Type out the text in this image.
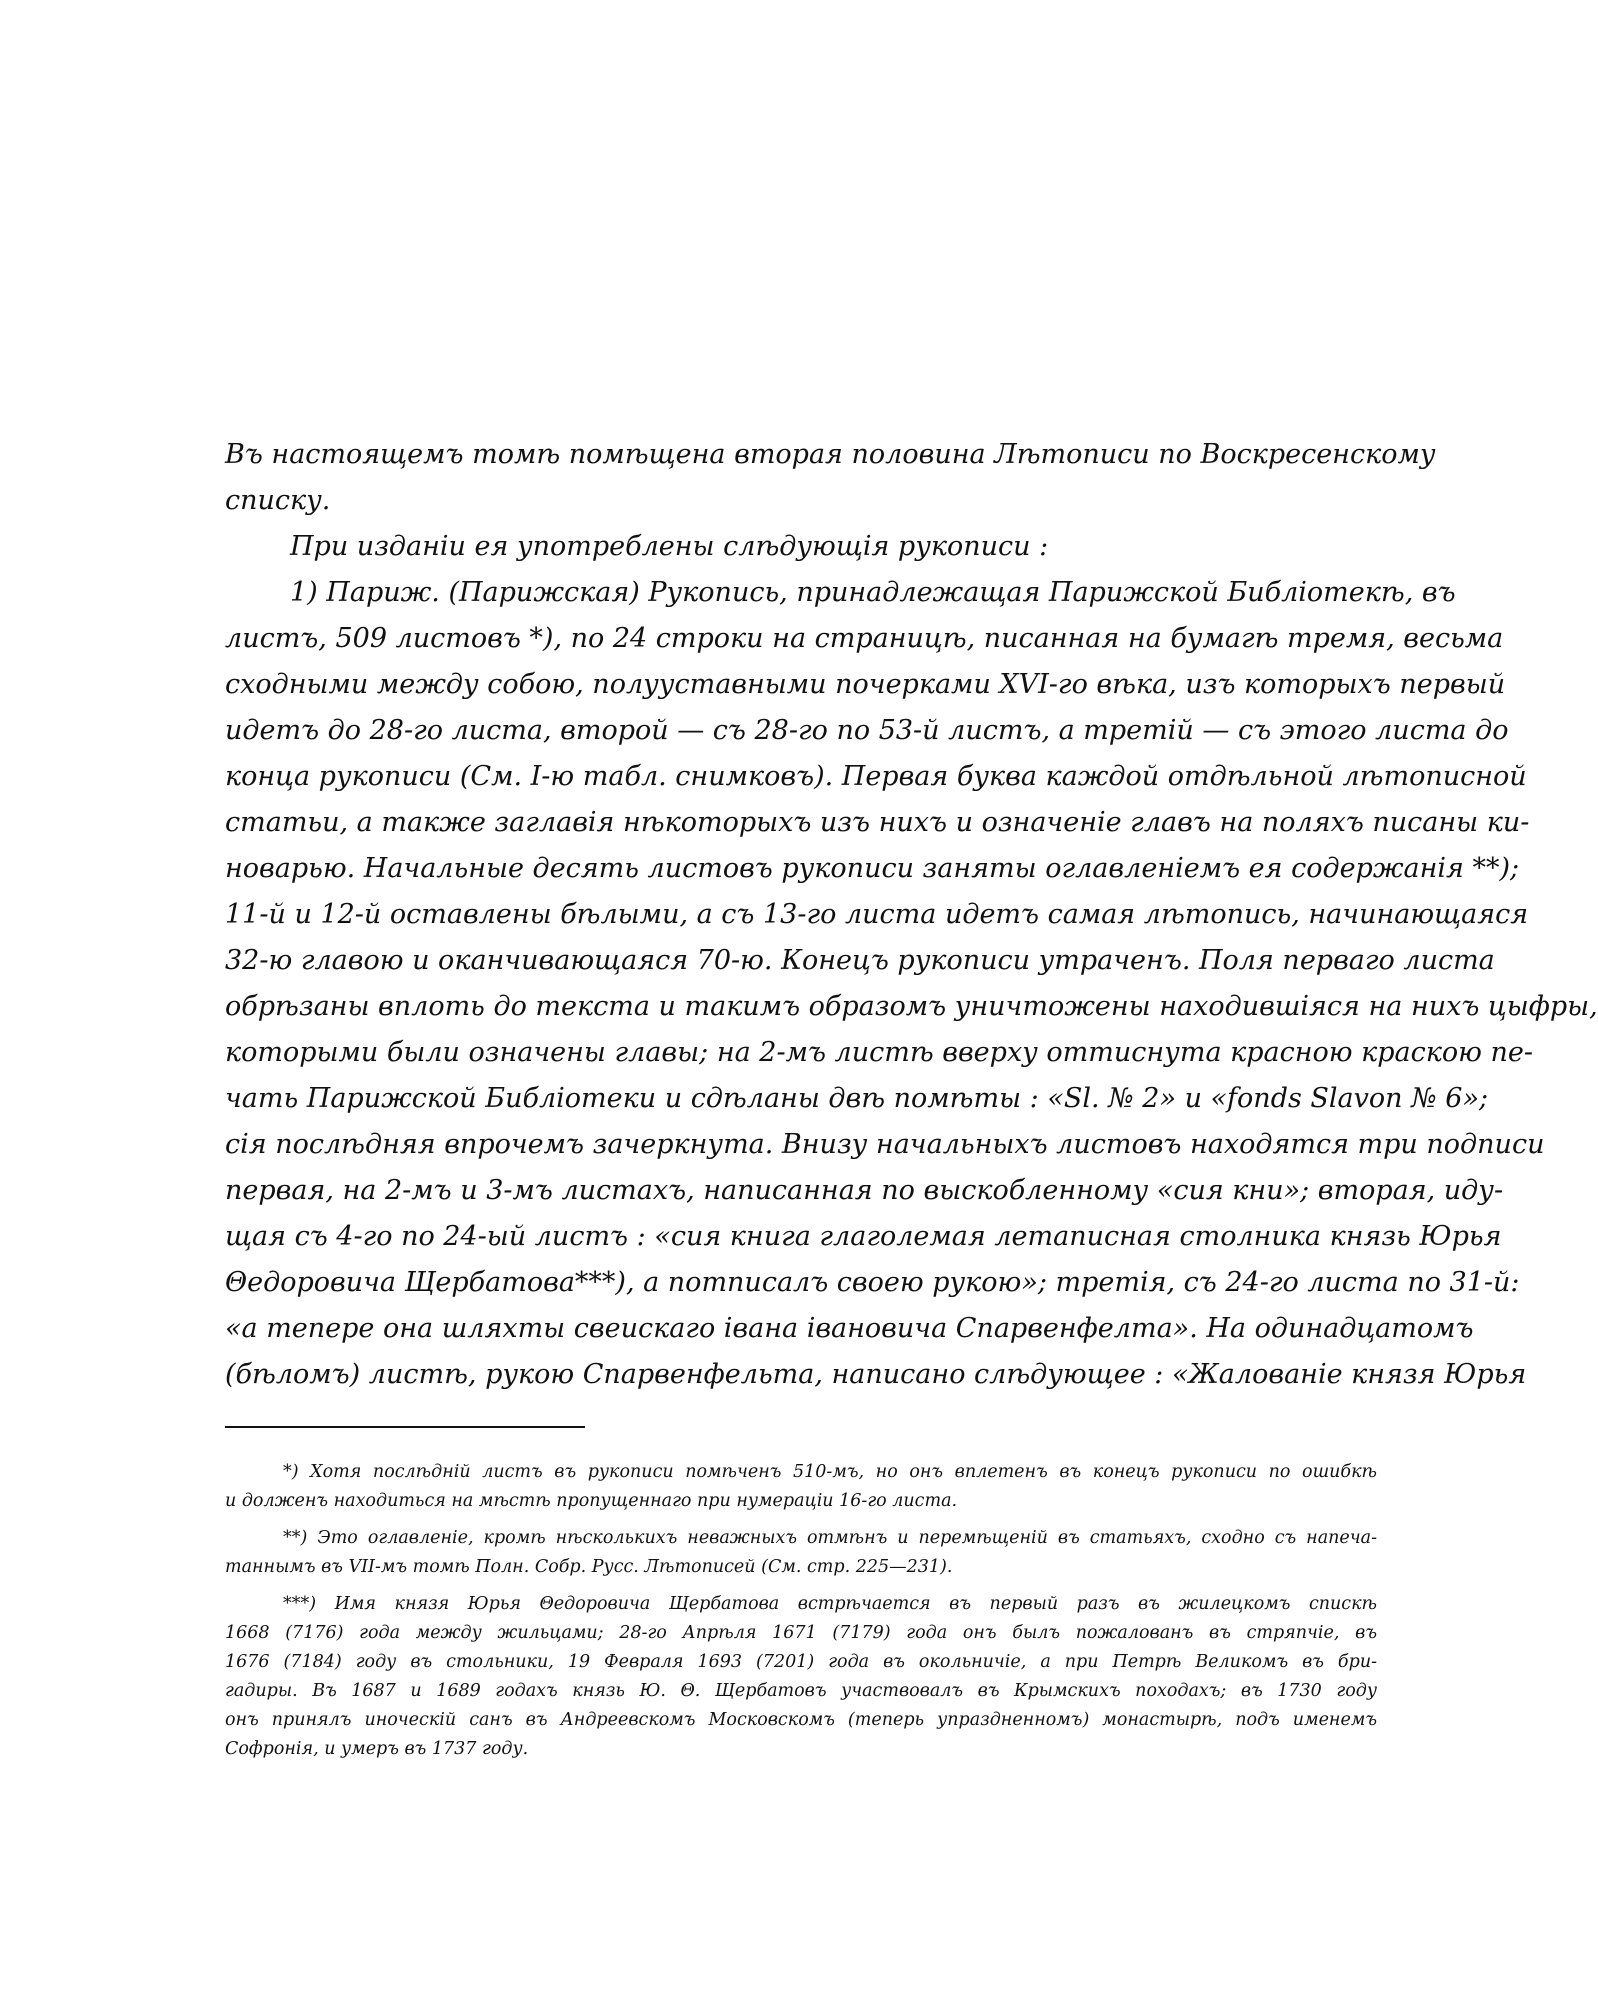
Въ настоящемъ томѣ помѣщена вторая половина Лѣтописи по Воскресенскому
списку.
При изданіи ея употреблены слѣдующія рукописи :
1) Париж. (Парижская) Рукопись, принадлежащая Парижской Библіотекѣ, въ
листъ, 509 листовъ *), по 24 строки на страницѣ, писанная на бумагѣ тремя, весьма
сходными между собою, полууставными почерками XVI-го вѣка, изъ которыхъ первый
идетъ до 28-го листа, второй — съ 28-го по 53-й листъ, а третій — съ этого листа до
конца рукописи (См. I-ю табл. снимковъ). Первая буква каждой отдѣльной лѣтописной
статьи, а также заглавія нѣкоторыхъ изъ нихъ и означеніе главъ на поляхъ писаны ки-
новарью. Начальные десять листовъ рукописи заняты оглавленіемъ ея содержанія **);
11-й и 12-й оставлены бѣлыми, а съ 13-го листа идетъ самая лѣтопись, начинающаяся
32-ю главою и оканчивающаяся 70-ю. Конецъ рукописи утраченъ. Поля перваго листа
обрѣзаны вплоть до текста и такимъ образомъ уничтожены находившіяся на нихъ цыфры,
которыми были означены главы; на 2-мъ листѣ вверху оттиснута красною краскою пе-
чать Парижской Библіотеки и сдѣланы двѣ помѣты : «Sl. № 2» и «fonds Slavon № 6»;
сія послѣдняя впрочемъ зачеркнута. Внизу начальныхъ листовъ находятся три подписи
первая, на 2-мъ и 3-мъ листахъ, написанная по выскобленному «сия кни»; вторая, иду-
щая съ 4-го по 24-ый листъ : «сия книга глаголемая летаписная столника князь Юрья
Θедоровича Щербатова***), а потписалъ своею рукою»; третія, съ 24-го листа по 31-й:
«а тепере она шляхты свеискаго івана івановича Спарвенфелта». На одинадцатомъ
(бѣломъ) листѣ, рукою Спарвенфельта, написано слѣдующее : «Жалованіе князя Юрья
*) Хотя послѣдній листъ въ рукописи помѣченъ 510-мъ, но онъ вплетенъ въ конецъ рукописи по ошибкѣ
и долженъ находиться на мѣстѣ пропущеннаго при нумераціи 16-го листа.
**) Это оглавленіе, кромѣ нѣсколькихъ неважныхъ отмѣнъ и перемѣщеній въ статьяхъ, сходно съ напеча-
таннымъ въ VII-мъ томѣ Полн. Собр. Русс. Лѣтописей (См. стр. 225—231).
***) Имя князя Юрья Θедоровича Щербатова встрѣчается въ первый разъ въ жилецкомъ спискѣ
1668 (7176) года между жильцами; 28-го Апрѣля 1671 (7179) года онъ былъ пожалованъ въ стряпчіе, въ
1676 (7184) году въ стольники, 19 Февраля 1693 (7201) года въ окольничіе, а при Петрѣ Великомъ въ бри-
гадиры. Въ 1687 и 1689 годахъ князь Ю. Θ. Щербатовъ участвовалъ въ Крымскихъ походахъ; въ 1730 году
онъ принялъ иноческій санъ въ Андреевскомъ Московскомъ (теперь упраздненномъ) монастырѣ, подъ именемъ
Софронія, и умеръ въ 1737 году.
